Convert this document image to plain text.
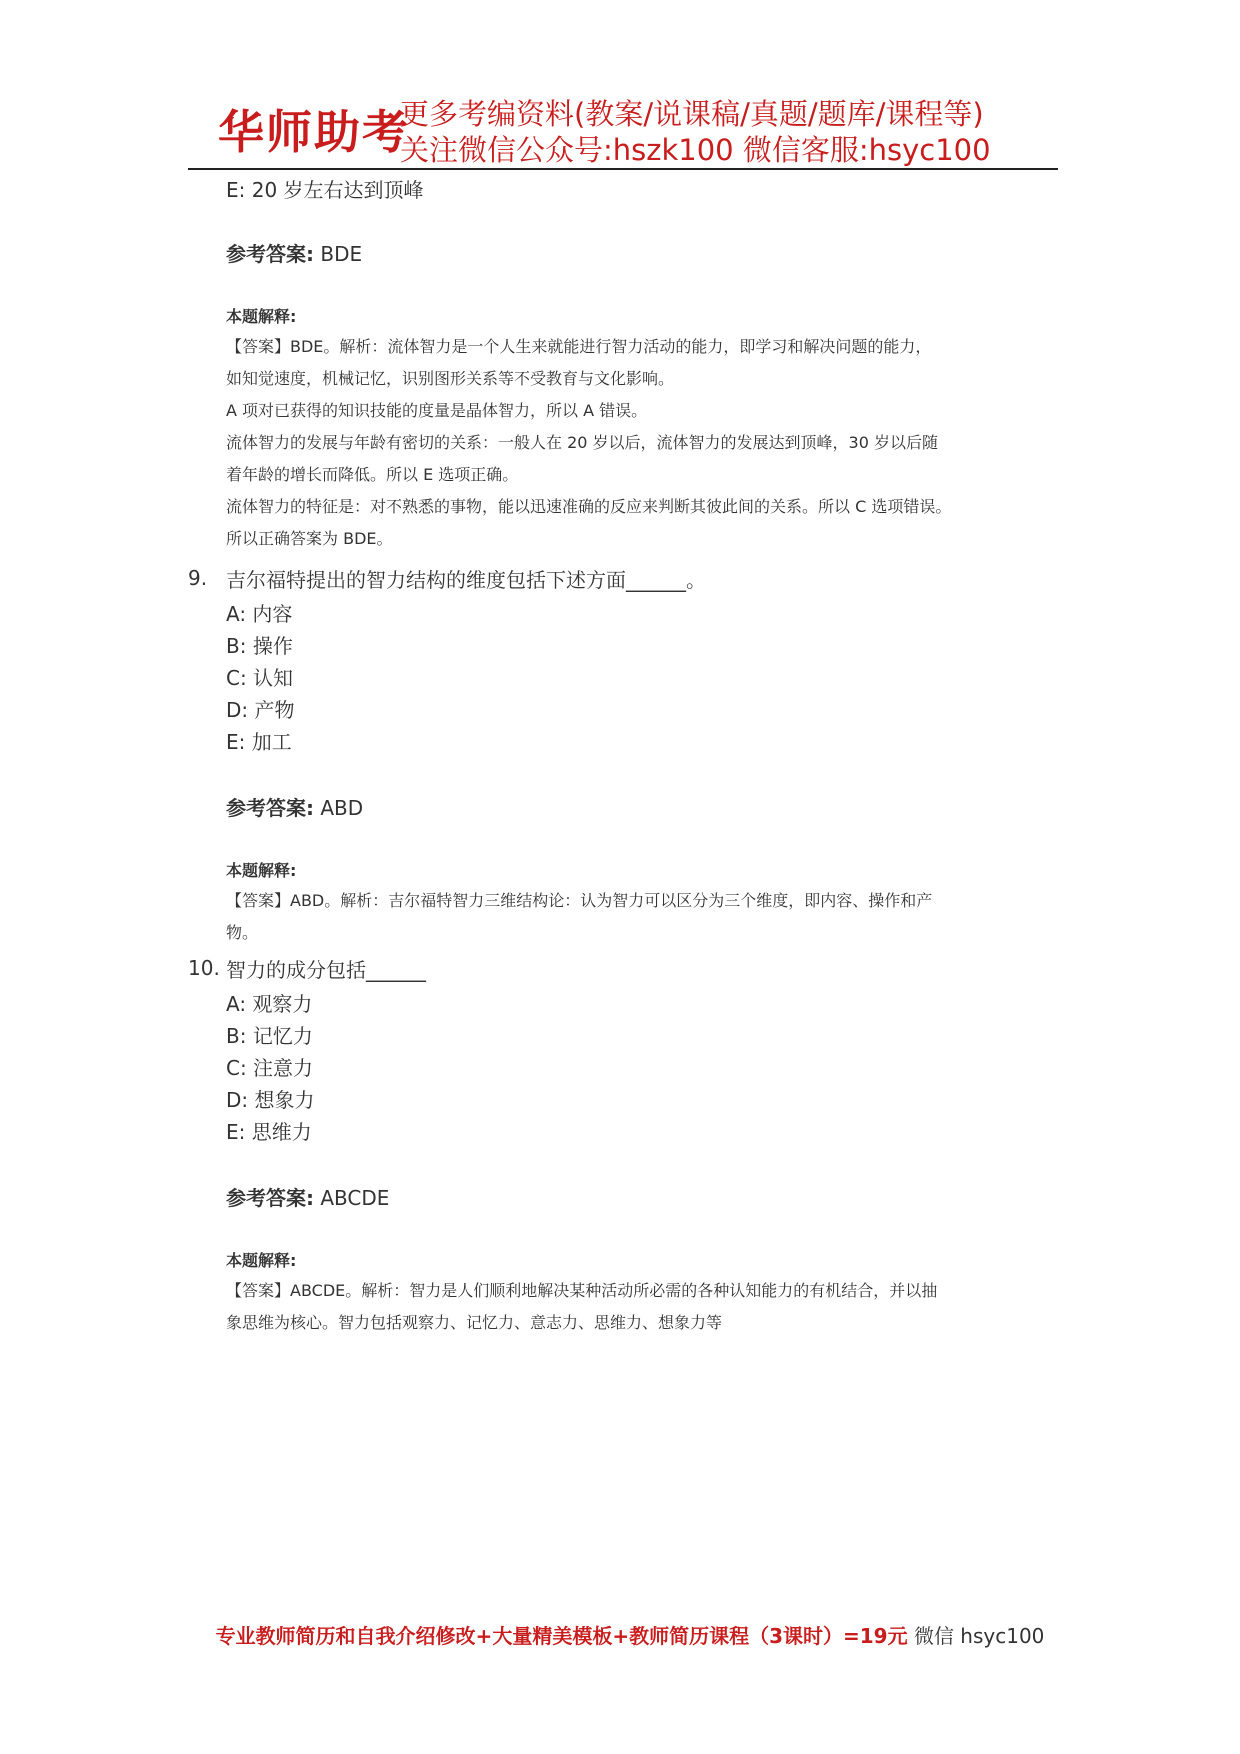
华师助考
更多考编资料(教案/说课稿/真题/题库/课程等)
关注微信公众号:hszk100 微信客服:hsyc100
E: 20 岁左右达到顶峰
参考答案: BDE
本题解释:
【答案】BDE。解析：流体智力是一个人生来就能进行智力活动的能力，即学习和解决问题的能力，
如知觉速度，机械记忆，识别图形关系等不受教育与文化影响。
A 项对已获得的知识技能的度量是晶体智力，所以 A 错误。
流体智力的发展与年龄有密切的关系：一般人在 20 岁以后，流体智力的发展达到顶峰，30 岁以后随
着年龄的增长而降低。所以 E 选项正确。
流体智力的特征是：对不熟悉的事物，能以迅速准确的反应来判断其彼此间的关系。所以 C 选项错误。
所以正确答案为 BDE。
9. 吉尔福特提出的智力结构的维度包括下述方面______。
A: 内容
B: 操作
C: 认知
D: 产物
E: 加工
参考答案: ABD
本题解释:
【答案】ABD。解析：吉尔福特智力三维结构论：认为智力可以区分为三个维度，即内容、操作和产
物。
10. 智力的成分包括______
A: 观察力
B: 记忆力
C: 注意力
D: 想象力
E: 思维力
参考答案: ABCDE
本题解释:
【答案】ABCDE。解析：智力是人们顺利地解决某种活动所必需的各种认知能力的有机结合，并以抽
象思维为核心。智力包括观察力、记忆力、意志力、思维力、想象力等
专业教师简历和自我介绍修改+大量精美模板+教师简历课程（3课时）=19元 微信 hsyc100
